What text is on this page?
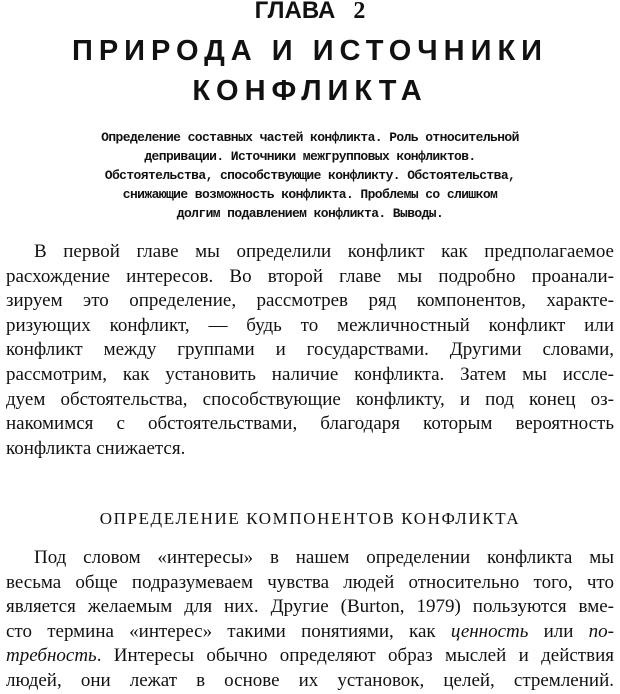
ГЛАВА 2
ПРИРОДА И ИСТОЧНИКИ
КОНФЛИКТА
Определение составных частей конфликта. Роль относительной
депривации. Источники межгрупповых конфликтов.
Обстоятельства, способствующие конфликту. Обстоятельства,
снижающие возможность конфликта. Проблемы со слишком
долгим подавлением конфликта. Выводы.
В первой главе мы определили конфликт как предполагаемое
расхождение интересов. Во второй главе мы подробно проанали-
зируем это определение, рассмотрев ряд компонентов, характе-
ризующих конфликт, — будь то межличностный конфликт или
конфликт между группами и государствами. Другими словами,
рассмотрим, как установить наличие конфликта. Затем мы иссле-
дуем обстоятельства, способствующие конфликту, и под конец оз-
накомимся с обстоятельствами, благодаря которым вероятность
конфликта снижается.
ОПРЕДЕЛЕНИЕ КОМПОНЕНТОВ КОНФЛИКТА
Под словом «интересы» в нашем определении конфликта мы
весьма обще подразумеваем чувства людей относительно того, что
является желаемым для них. Другие (Burton, 1979) пользуются вме-
сто термина «интерес» такими понятиями, как ценность или по-
требность. Интересы обычно определяют образ мыслей и действия
людей, они лежат в основе их установок, целей, стремлений.
